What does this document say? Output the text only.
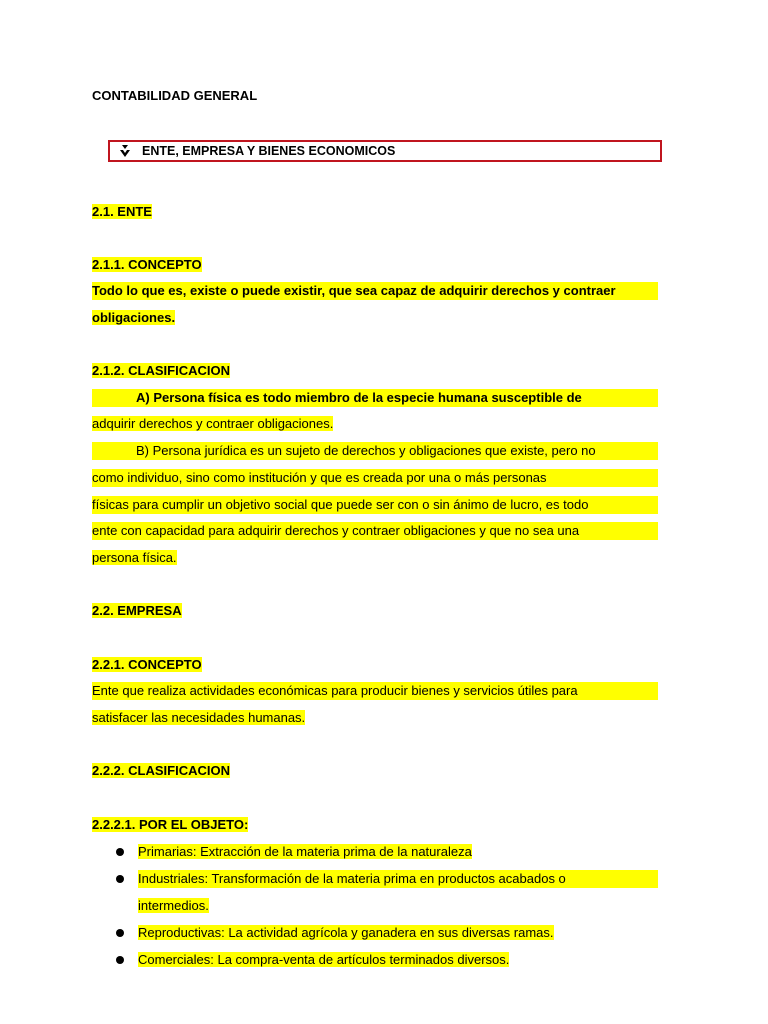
CONTABILIDAD GENERAL
ENTE, EMPRESA Y BIENES ECONOMICOS
2.1. ENTE
2.1.1. CONCEPTO
Todo lo que es, existe o puede existir, que sea capaz de adquirir derechos y contraer
obligaciones.
2.1.2. CLASIFICACION
A) Persona física es todo miembro de la especie humana susceptible de
adquirir derechos y contraer obligaciones.
B) Persona jurídica es un sujeto de derechos y obligaciones que existe, pero no
como individuo, sino como institución y que es creada por una o más personas
físicas para cumplir un objetivo social que puede ser con o sin ánimo de lucro, es todo
ente con capacidad para adquirir derechos y contraer obligaciones y que no sea una
persona física.
2.2. EMPRESA
2.2.1. CONCEPTO
Ente que realiza actividades económicas para producir bienes y servicios útiles para
satisfacer las necesidades humanas.
2.2.2. CLASIFICACION
2.2.2.1. POR EL OBJETO:
Primarias: Extracción de la materia prima de la naturaleza
Industriales: Transformación de la materia prima en productos acabados o
intermedios.
Reproductivas: La actividad agrícola y ganadera en sus diversas ramas.
Comerciales: La compra-venta de artículos terminados diversos.
